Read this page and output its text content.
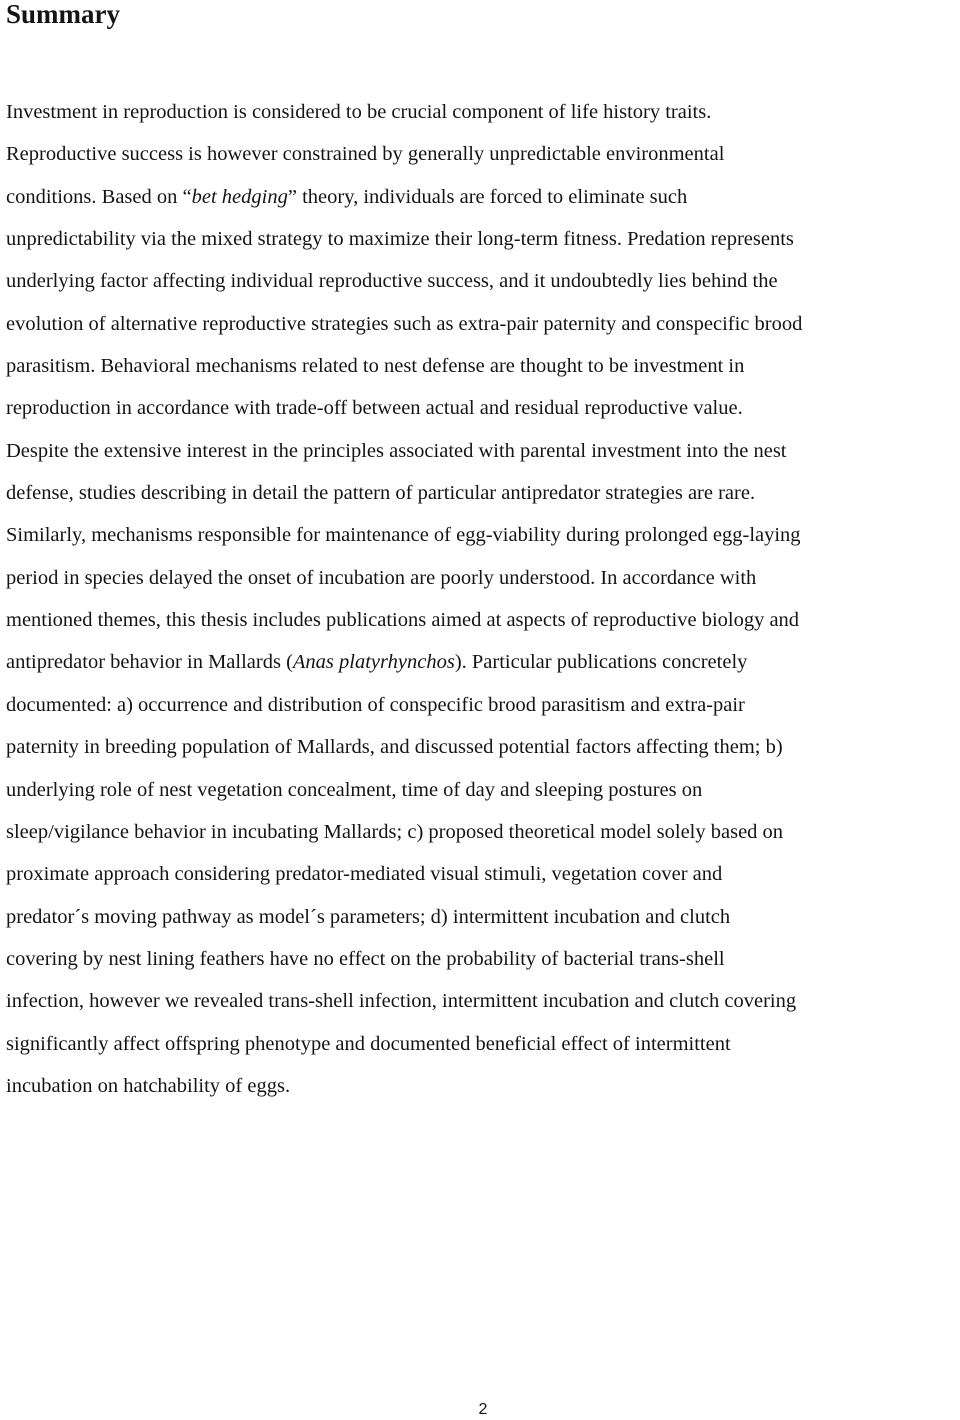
Summary
Investment in reproduction is considered to be crucial component of life history traits.
Reproductive success is however constrained by generally unpredictable environmental
conditions. Based on “bet hedging” theory, individuals are forced to eliminate such
unpredictability via the mixed strategy to maximize their long-term fitness. Predation represents
underlying factor affecting individual reproductive success, and it undoubtedly lies behind the
evolution of alternative reproductive strategies such as extra-pair paternity and conspecific brood
parasitism. Behavioral mechanisms related to nest defense are thought to be investment in
reproduction in accordance with trade-off between actual and residual reproductive value.
Despite the extensive interest in the principles associated with parental investment into the nest
defense, studies describing in detail the pattern of particular antipredator strategies are rare.
Similarly, mechanisms responsible for maintenance of egg-viability during prolonged egg-laying
period in species delayed the onset of incubation are poorly understood. In accordance with
mentioned themes, this thesis includes publications aimed at aspects of reproductive biology and
antipredator behavior in Mallards (Anas platyrhynchos). Particular publications concretely
documented: a) occurrence and distribution of conspecific brood parasitism and extra-pair
paternity in breeding population of Mallards, and discussed potential factors affecting them; b)
underlying role of nest vegetation concealment, time of day and sleeping postures on
sleep/vigilance behavior in incubating Mallards; c) proposed theoretical model solely based on
proximate approach considering predator-mediated visual stimuli, vegetation cover and
predator´s moving pathway as model´s parameters; d) intermittent incubation and clutch
covering by nest lining feathers have no effect on the probability of bacterial trans-shell
infection, however we revealed trans-shell infection, intermittent incubation and clutch covering
significantly affect offspring phenotype and documented beneficial effect of intermittent
incubation on hatchability of eggs.
2
